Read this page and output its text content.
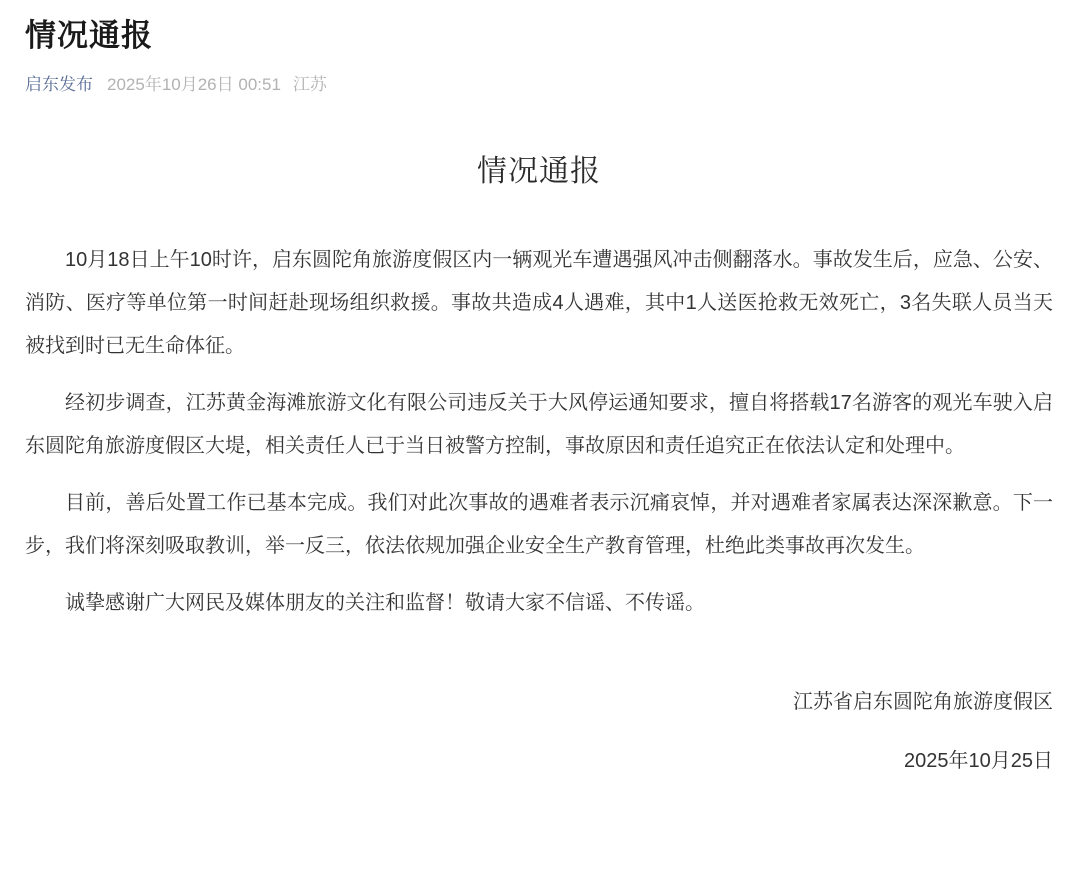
情况通报
启东发布 2025年10月26日 00:51 江苏
情况通报

10月18日上午10时许，启东圆陀角旅游度假区内一辆观光车遭遇强风冲击侧翻落水。事故发生后，应急、公安、消防、医疗等单位第一时间赶赴现场组织救援。事故共造成4人遇难，其中1人送医抢救无效死亡，3名失联人员当天被找到时已无生命体征。

经初步调查，江苏黄金海滩旅游文化有限公司违反关于大风停运通知要求，擅自将搭载17名游客的观光车驶入启东圆陀角旅游度假区大堤，相关责任人已于当日被警方控制，事故原因和责任追究正在依法认定和处理中。

目前，善后处置工作已基本完成。我们对此次事故的遇难者表示沉痛哀悼，并对遇难者家属表达深深歉意。下一步，我们将深刻吸取教训，举一反三，依法依规加强企业安全生产教育管理，杜绝此类事故再次发生。

诚挚感谢广大网民及媒体朋友的关注和监督！敬请大家不信谣、不传谣。

江苏省启东圆陀角旅游度假区
2025年10月25日
